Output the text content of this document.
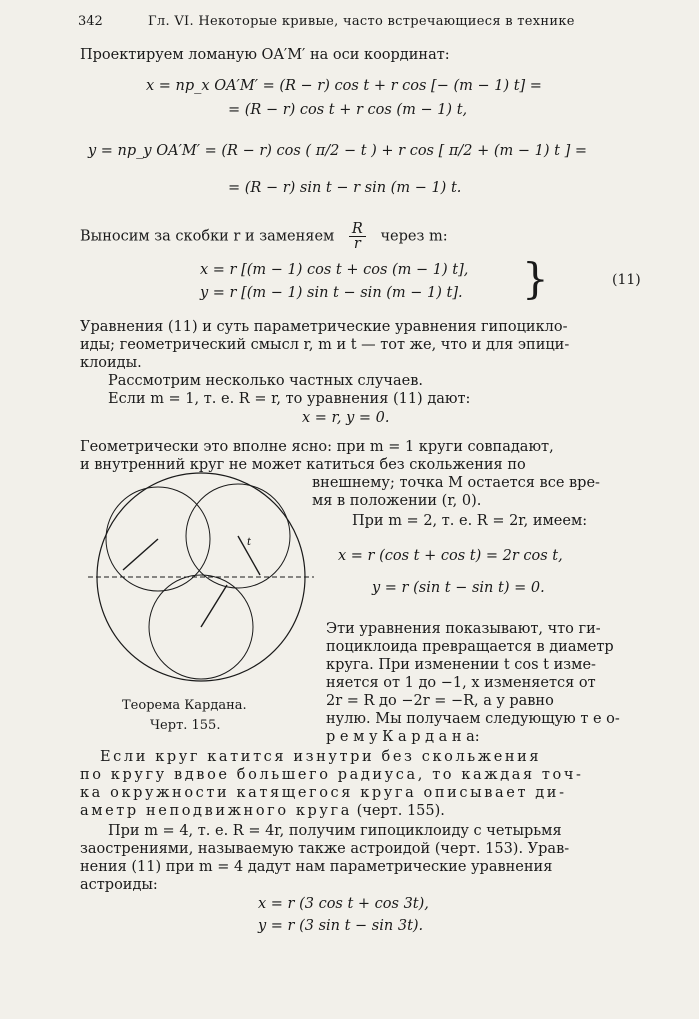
342	Гл. VI. Некоторые кривые, часто встречающиеся в технике
Проектируем ломаную OA′M′ на оси координат:
x = пр_x OA′M′ = (R − r) cos t + r cos [− (m − 1) t] =
= (R − r) cos t + r cos (m − 1) t,
y = пр_y OA′M′ = (R − r) cos ( π/2 − t ) + r cos [ π/2 + (m − 1) t ] =
= (R − r) sin t − r sin (m − 1) t.
Выносим за скобки r и заменяем $\frac{R}{r}$ через m:
x = r [(m − 1) cos t + cos (m − 1) t],
y = r [(m − 1) sin t − sin (m − 1) t]. }	(11)
Уравнения (11) и суть параметрические уравнения гипоцикло-
иды; геометрический смысл r, m и t — тот же, что и для эпици-
клоиды.
Рассмотрим несколько частных случаев.
Если m = 1, т. е. R = r, то уравнения (11) дают:
x = r, y = 0.
Геометрически это вполне ясно: при m = 1 круги совпадают,
и внутренний круг не может катиться без скольжения по
внешнему; точка M остается все вре-
мя в положении (r, 0).
При m = 2, т. е. R = 2r, имеем:
x = r (cos t + cos t) = 2r cos t,
y = r (sin t − sin t) = 0.
Эти уравнения показывают, что ги-
поциклоида превращается в диаметр
круга. При изменении t cos t изме-
няется от 1 до −1, x изменяется от
2r = R до −2r = −R, а y равно
нулю. Мы получаем следующую т е о-
р е м у К а р д а н а:
t
Теорема Кардана.
Черт. 155.
Если круг катится изнутри без скольжения
по кругу вдвое большего радиуса, то каждая точ-
ка окружности катящегося круга описывает ди-
аметр неподвижного круга (черт. 155).
При m = 4, т. е. R = 4r, получим гипоциклоиду с четырьмя
заострениями, называемую также астроидой (черт. 153). Урав-
нения (11) при m = 4 дадут нам параметрические уравнения
астроиды:
x = r (3 cos t + cos 3t),
y = r (3 sin t − sin 3t).
